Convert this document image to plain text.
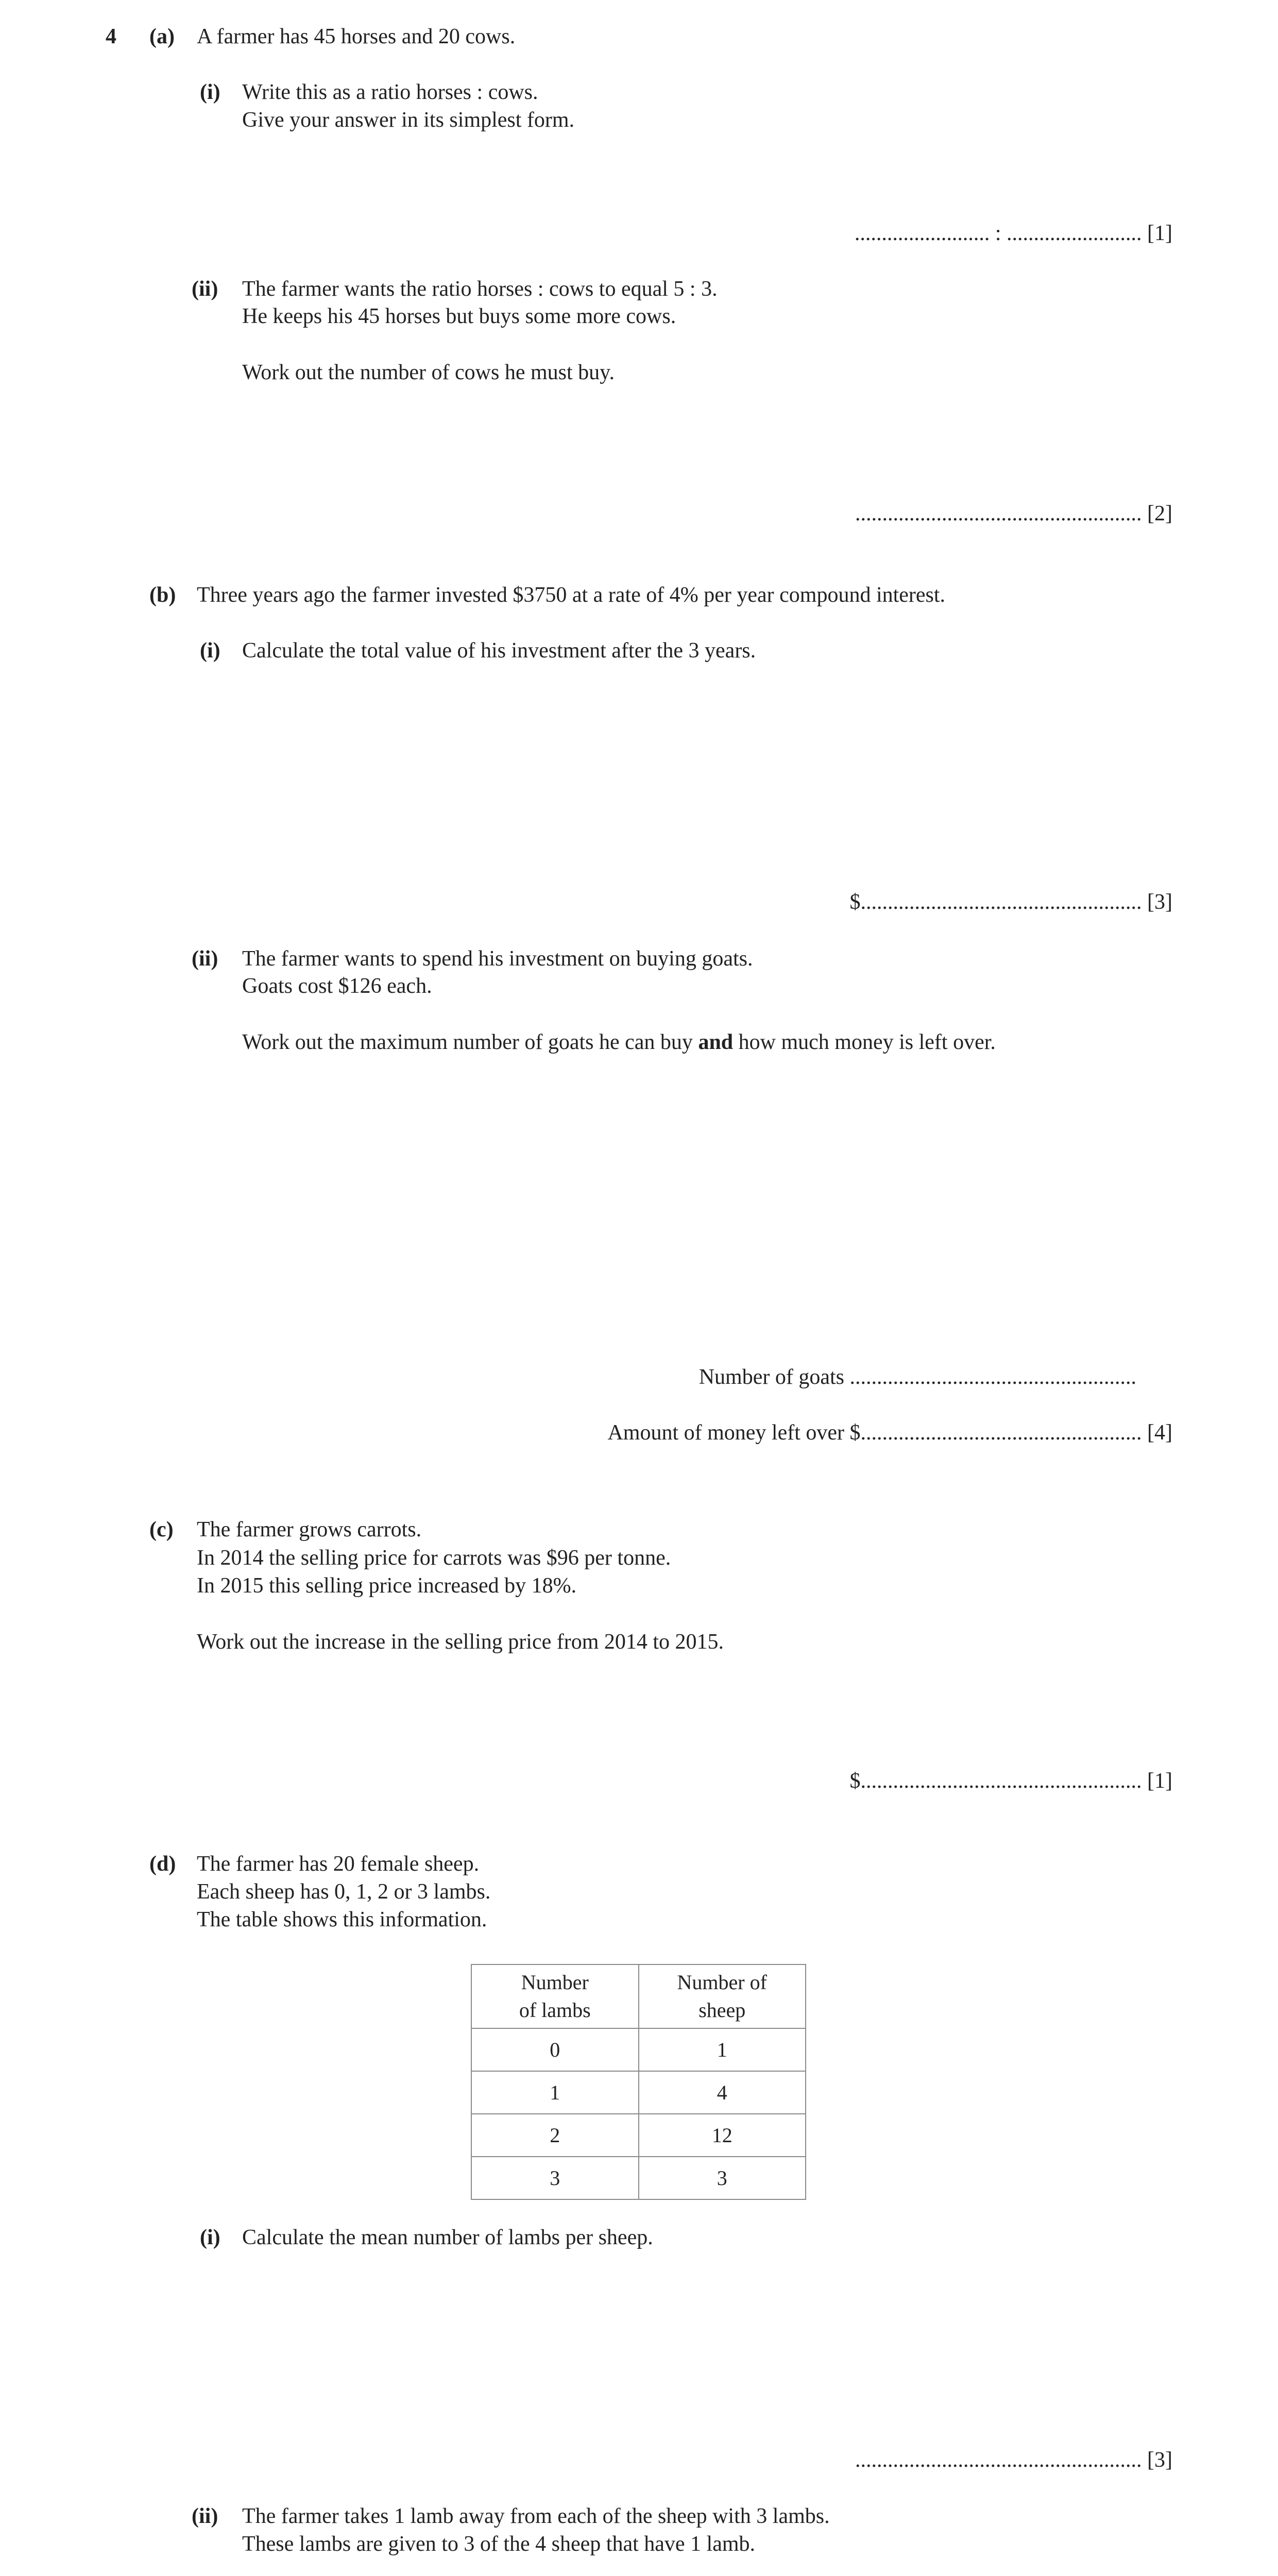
4 (a) A farmer has 45 horses and 20 cows.
(i) Write this as a ratio horses : cows.
Give your answer in its simplest form.
......................... : ......................... [1]
(ii) The farmer wants the ratio horses : cows to equal 5 : 3.
He keeps his 45 horses but buys some more cows.
Work out the number of cows he must buy.
..................................................... [2]
(b) Three years ago the farmer invested $3750 at a rate of 4% per year compound interest.
(i) Calculate the total value of his investment after the 3 years.
$.................................................... [3]
(ii) The farmer wants to spend his investment on buying goats.
Goats cost $126 each.
Work out the maximum number of goats he can buy and how much money is left over.
Number of goats .....................................................
Amount of money left over $.................................................... [4]
(c) The farmer grows carrots.
In 2014 the selling price for carrots was $96 per tonne.
In 2015 this selling price increased by 18%.
Work out the increase in the selling price from 2014 to 2015.
$.................................................... [1]
(d) The farmer has 20 female sheep.
Each sheep has 0, 1, 2 or 3 lambs.
The table shows this information.
Number
of lambs	Number of
sheep
0	1
1	4
2	12
3	3
(i) Calculate the mean number of lambs per sheep.
..................................................... [3]
(ii) The farmer takes 1 lamb away from each of the sheep with 3 lambs.
These lambs are given to 3 of the 4 sheep that have 1 lamb.
